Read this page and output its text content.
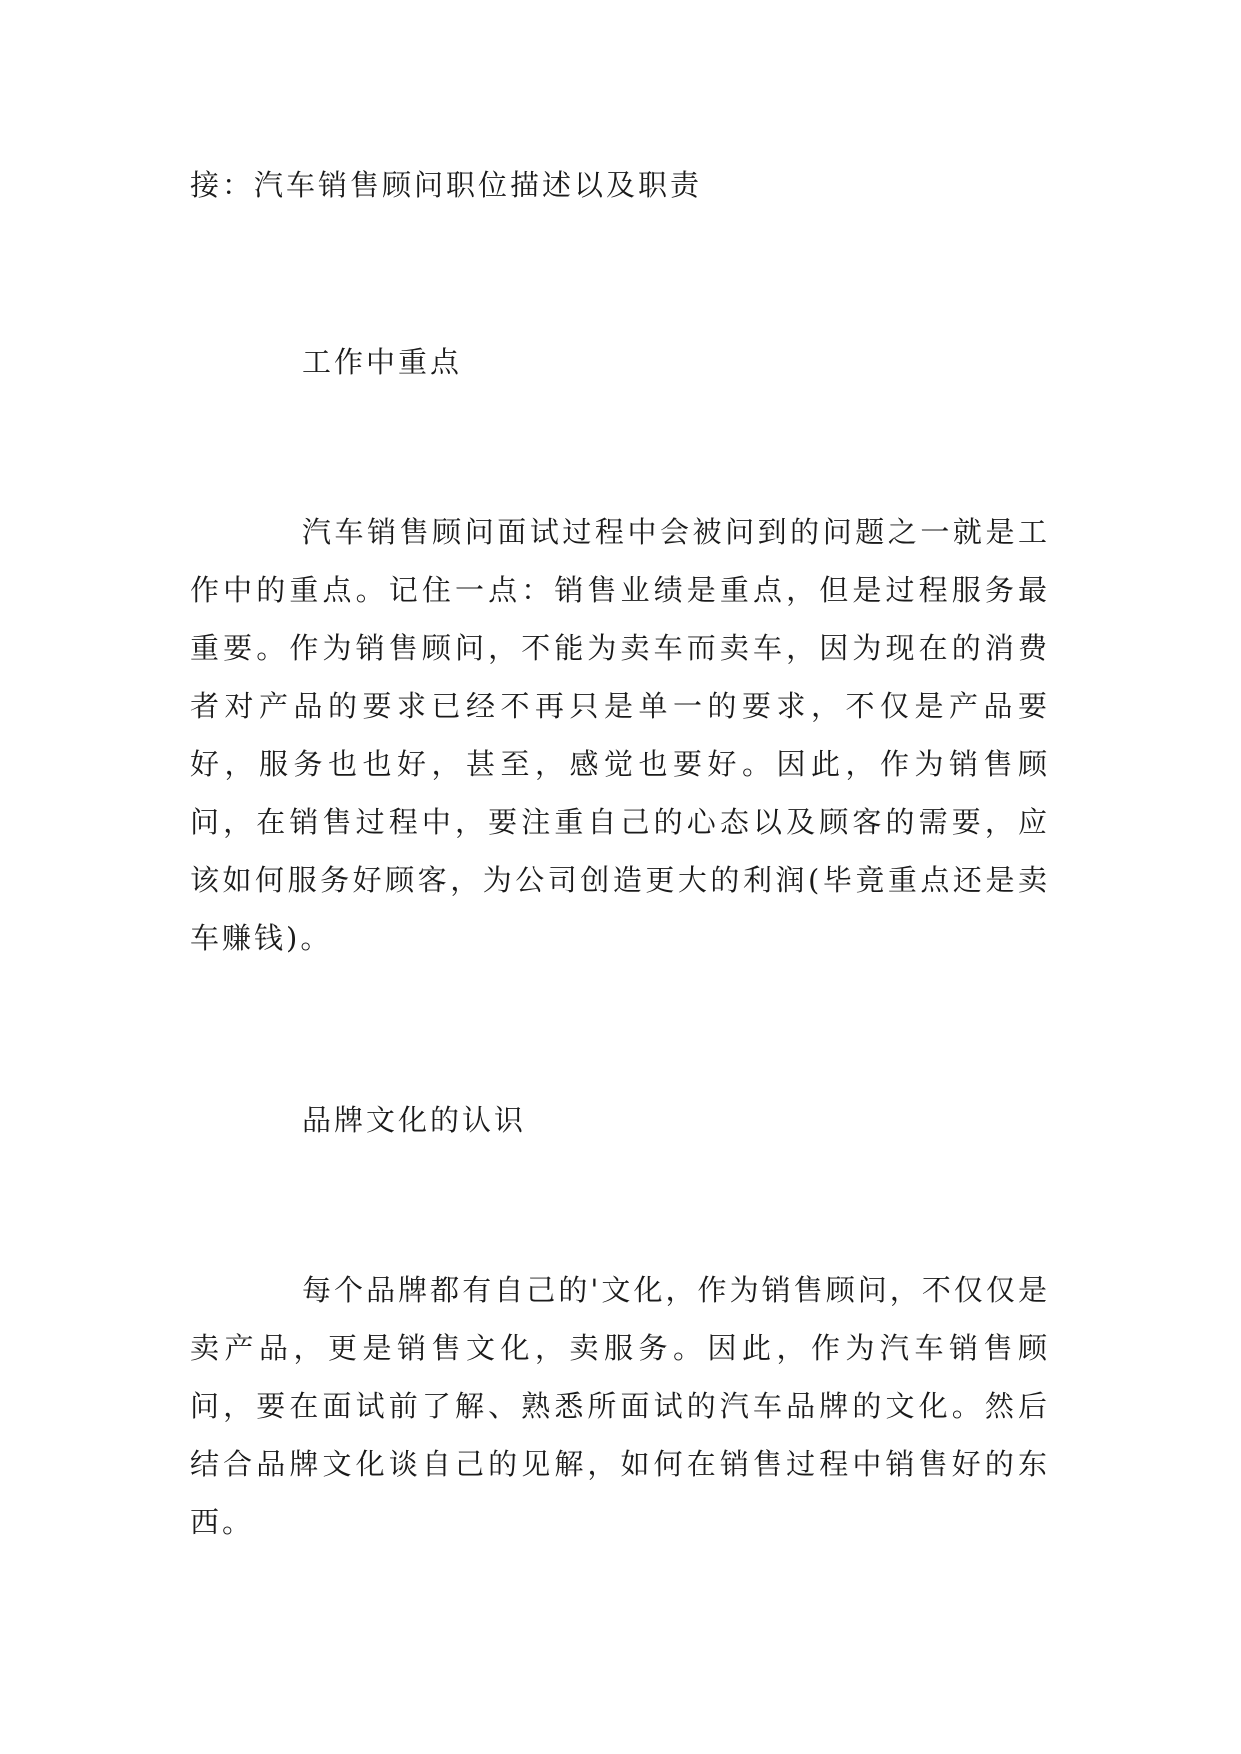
接：汽车销售顾问职位描述以及职责

工作中重点

汽车销售顾问面试过程中会被问到的问题之一就是工作中的重点。记住一点：销售业绩是重点，但是过程服务最重要。作为销售顾问，不能为卖车而卖车，因为现在的消费者对产品的要求已经不再只是单一的要求，不仅是产品要好，服务也也好，甚至，感觉也要好。因此，作为销售顾问，在销售过程中，要注重自己的心态以及顾客的需要，应该如何服务好顾客，为公司创造更大的利润(毕竟重点还是卖车赚钱)。

品牌文化的认识

每个品牌都有自己的'文化，作为销售顾问，不仅仅是卖产品，更是销售文化，卖服务。因此，作为汽车销售顾问，要在面试前了解、熟悉所面试的汽车品牌的文化。然后结合品牌文化谈自己的见解，如何在销售过程中销售好的东西。
